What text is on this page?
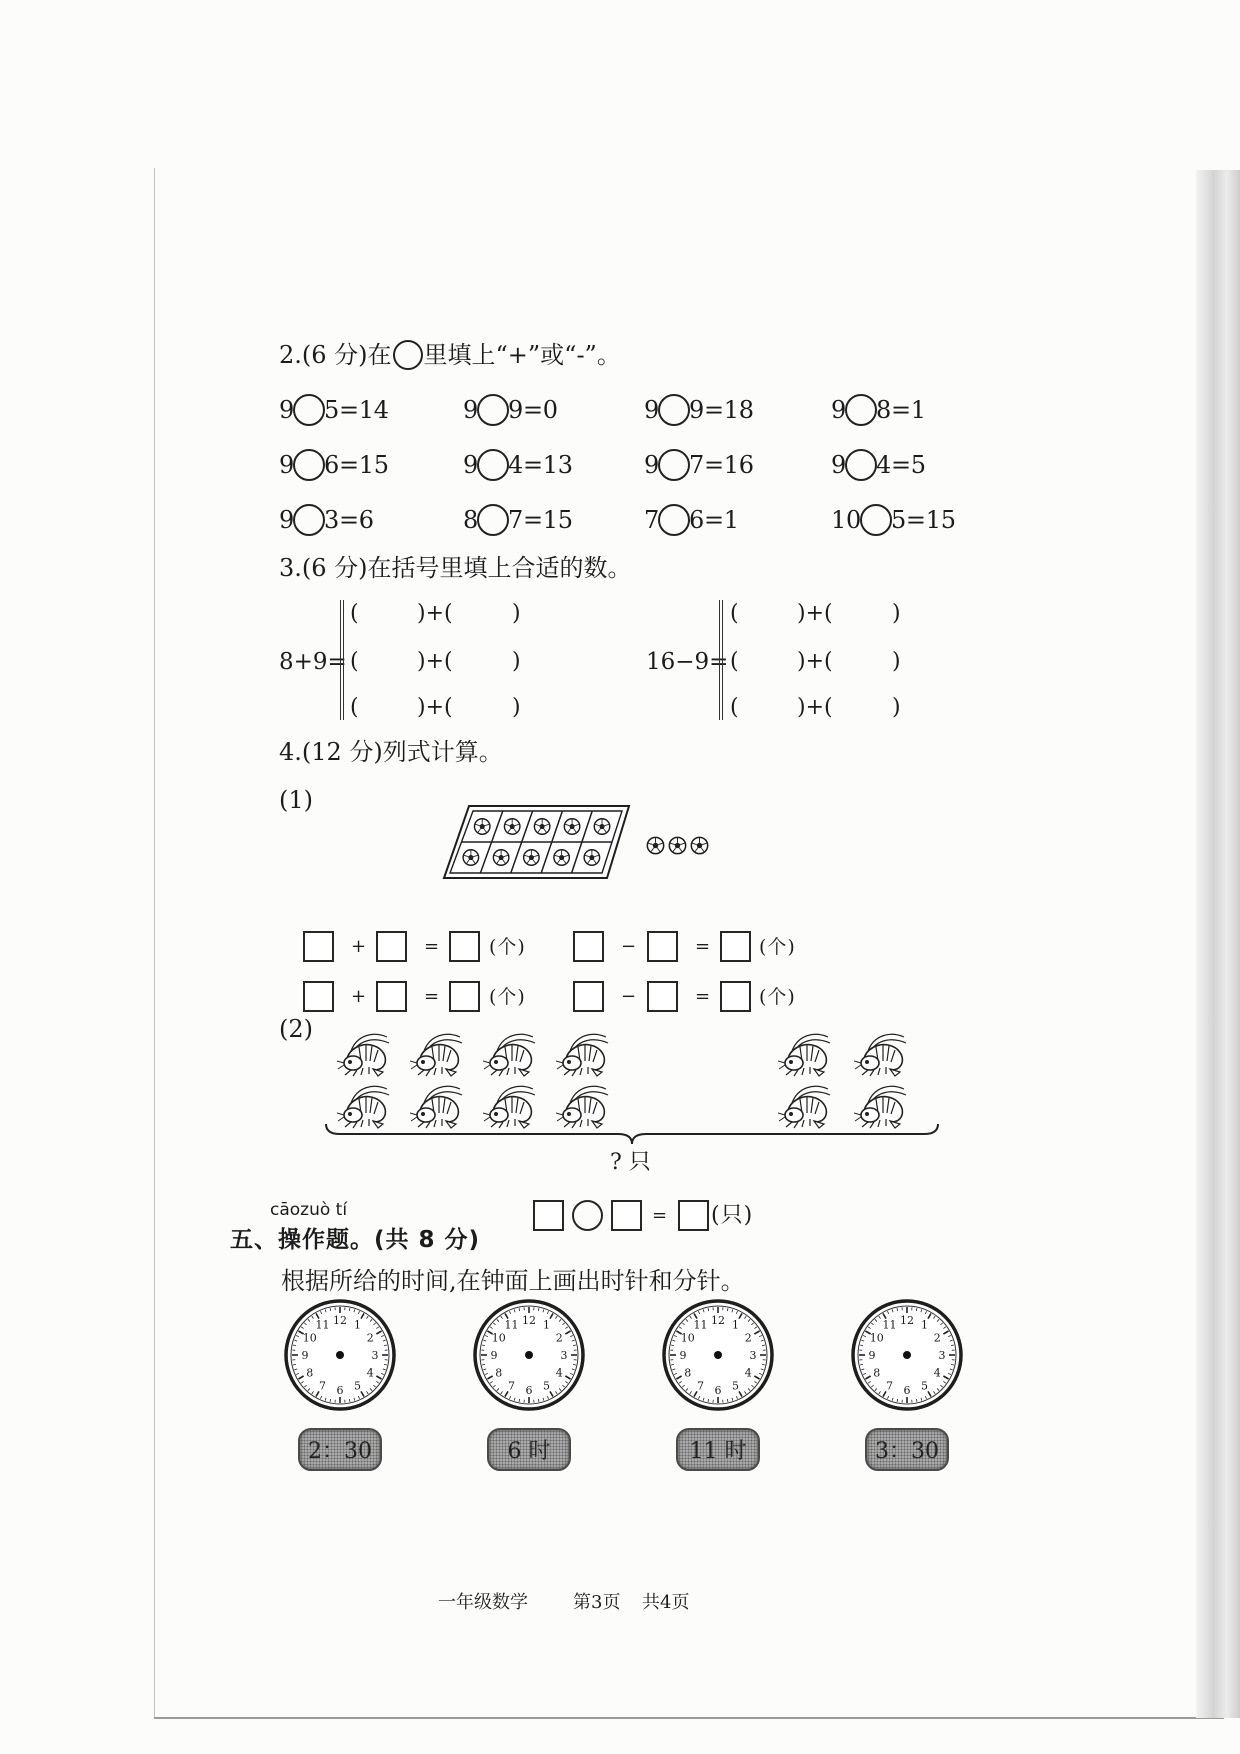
2.(6 分)在 里填上“+”或“-”。
9 5=14	9 9=0	9 9=18	9 8=1
9 6=15	9 4=13	9 7=16	9 4=5
9 3=6	8 7=15	7 6=1	10 5=15
3.(6 分)在括号里填上合适的数。
8+9=
(	)+(	)
(	)+(	)
(	)+(	)
16−9=
(	)+(	)
(	)+(	)
(	)+(	)
4.(12 分)列式计算。
(1)
+	=	(个)	−	=	(个)
+	=	(个)	−	=	(个)
(2)
? 只
= (只)
cāozuò tí
五、操作题。(共 8 分)
根据所给的时间,在钟面上画出时针和分针。
12 1
2
3
4
5
6
7
8
9
10
11	12 1
2
3
4
5
6
7
8
9
10
11	12 1
2
3
4
5
6
7
8
9
10
11	12 1
2
3
4
5
6
7
8
9
10
11
2：30	6 时	11 时	3：30
一年级数学	第3页 共4页
